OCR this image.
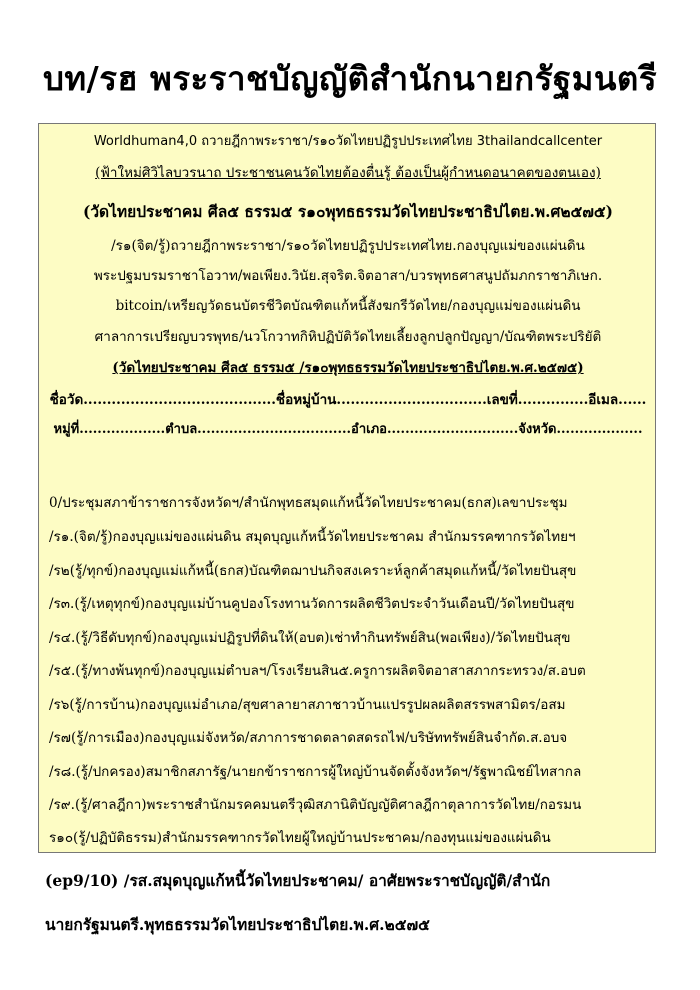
บท/รฮ พระราชบัญญัติสำนักนายกรัฐมนตรี
Worldhuman4,0 ถวายฎีกาพระราชา/ร๑๐วัดไทยปฏิรูปประเทศไทย 3thailandcallcenter
(ฟ้าใหม่ศิวิไลบวรนาถ ประชาชนคนวัดไทยต้องตื่นรู้ ต้องเป็นผู้กำหนดอนาคตของตนเอง)
(วัดไทยประชาคม ศีล๕ ธรรม๕ ร๑๐พุทธธรรมวัดไทยประชาธิปไตย.พ.ศ๒๕๗๕)
/ร๑(จิต/รู้)ถวายฎีกาพระราชา/ร๑๐วัดไทยปฏิรูปประเทศไทย.กองบุญแม่ของแผ่นดิน
พระปฐมบรมราชาโอวาท/พอเพียง.วินัย.สุจริต.จิตอาสา/บวรพุทธศาสนูปถัมภกราชาภิเษก.
bitcoin/เหรียญวัดธนบัตรชีวิตบัณฑิตแก้หนี้สังฆกรีวัดไทย/กองบุญแม่ของแผ่นดิน
ศาลาการเปรียญบวรพุทธ/นวโกวาทกิหิปฏิบัติวัดไทยเลี้ยงลูกปลูกปัญญา/บัณฑิตพระปริยัติ
(วัดไทยประชาคม ศีล๕ ธรรม๕ /ร๑๐พุทธธรรมวัดไทยประชาธิปไตย.พ.ศ.๒๕๗๕)
ชื่อวัด.........................................ชื่อหมู่บ้าน................................เลขที่...............อีเมล......
หมู่ที่...................ตำบล..................................อำเภอ.............................จังหวัด...................
0/ประชุมสภาข้าราชการจังหวัดฯ/สำนักพุทธสมุดแก้หนี้วัดไทยประชาคม(ธกส)เลขาประชุม
/ร๑.(จิต/รู้)กองบุญแม่ของแผ่นดิน สมุดบุญแก้หนี้วัดไทยประชาคม สำนักมรรคฑากรวัดไทยฯ
/ร๒(รู้/ทุกข์)กองบุญแม่แก้หนี้(ธกส)บัณฑิตฌาปนกิจสงเคราะห์ลูกค้าสมุดแก้หนี้/วัดไทยปันสุข
/ร๓.(รู้/เหตุทุกข์)กองบุญแม่บ้านคูปองโรงทานวัดการผลิตชีวิตประจำวันเดือนปี/วัดไทยปันสุข
/ร๔.(รู้/วิธีดับทุกข์)กองบุญแม่ปฏิรูปที่ดินให้(อบต)เช่าทำกินทรัพย์สิน(พอเพียง)/วัดไทยปันสุข
/ร๕.(รู้/ทางพ้นทุกข์)กองบุญแม่ตำบลฯ/โรงเรียนสิน๕.ครูการผลิตจิตอาสาสภากระทรวง/ส.อบต
/ร๖(รู้/การบ้าน)กองบุญแม่อำเภอ/สุขศาลายาสภาชาวบ้านแปรรูปผลผลิตสรรพสามิตร/อสม
/ร๗(รู้/การเมือง)กองบุญแม่จังหวัด/สภาการชาดตลาดสดรถไฟ/บริษัททรัพย์สินจำกัด.ส.อบจ
/ร๘.(รู้/ปกครอง)สมาชิกสภารัฐ/นายกข้าราชการผู้ใหญ่บ้านจัดตั้งจังหวัดฯ/รัฐพาณิชย์ไทสากล
/ร๙.(รู้/ศาลฎีกา)พระราชสำนักมรคคมนตรีวุฒิสภานิติบัญญัติศาลฎีกาตุลาการวัดไทย/กอรมน
ร๑๐(รู้/ปฏิบัติธรรม)สำนักมรรคฑากรวัดไทยผู้ใหญ่บ้านประชาคม/กองทุนแม่ของแผ่นดิน
(ep9/10) /รส.สมุดบุญแก้หนี้วัดไทยประชาคม/ อาศัยพระราชบัญญัติ/สำนัก
นายกรัฐมนตรี.พุทธธรรมวัดไทยประชาธิปไตย.พ.ศ.๒๕๗๕
